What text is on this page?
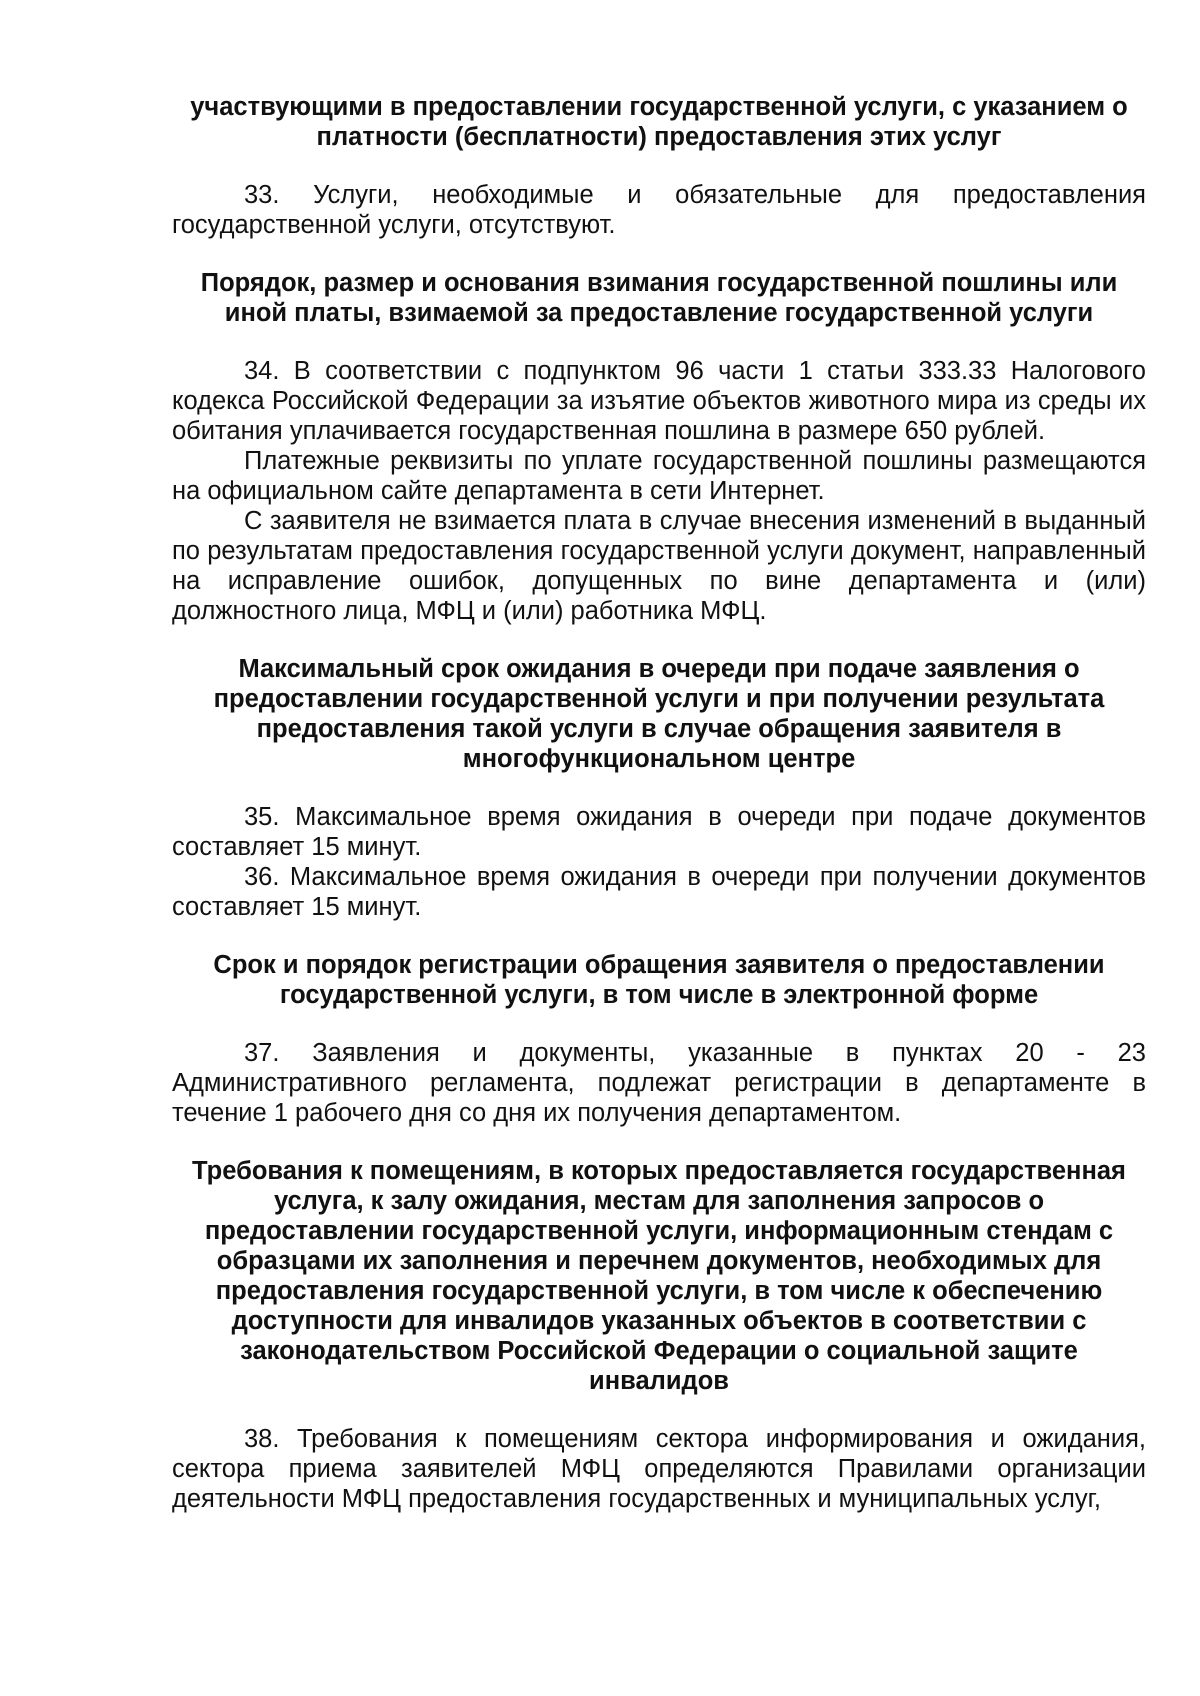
участвующими в предоставлении государственной услуги, с указанием о платности (бесплатности) предоставления этих услуг

33. Услуги, необходимые и обязательные для предоставления государственной услуги, отсутствуют.

Порядок, размер и основания взимания государственной пошлины или иной платы, взимаемой за предоставление государственной услуги

34. В соответствии с подпунктом 96 части 1 статьи 333.33 Налогового кодекса Российской Федерации за изъятие объектов животного мира из среды их обитания уплачивается государственная пошлина в размере 650 рублей.

Платежные реквизиты по уплате государственной пошлины размещаются на официальном сайте департамента в сети Интернет.

С заявителя не взимается плата в случае внесения изменений в выданный по результатам предоставления государственной услуги документ, направленный на исправление ошибок, допущенных по вине департамента и (или) должностного лица, МФЦ и (или) работника МФЦ.

Максимальный срок ожидания в очереди при подаче заявления о предоставлении государственной услуги и при получении результата предоставления такой услуги в случае обращения заявителя в многофункциональном центре

35. Максимальное время ожидания в очереди при подаче документов составляет 15 минут.

36. Максимальное время ожидания в очереди при получении документов составляет 15 минут.

Срок и порядок регистрации обращения заявителя о предоставлении государственной услуги, в том числе в электронной форме

37. Заявления и документы, указанные в пунктах 20 - 23 Административного регламента, подлежат регистрации в департаменте в течение 1 рабочего дня со дня их получения департаментом.

Требования к помещениям, в которых предоставляется государственная услуга, к залу ожидания, местам для заполнения запросов о предоставлении государственной услуги, информационным стендам с образцами их заполнения и перечнем документов, необходимых для предоставления государственной услуги, в том числе к обеспечению доступности для инвалидов указанных объектов в соответствии с законодательством Российской Федерации о социальной защите инвалидов

38. Требования к помещениям сектора информирования и ожидания, сектора приема заявителей МФЦ определяются Правилами организации деятельности МФЦ предоставления государственных и муниципальных услуг,
